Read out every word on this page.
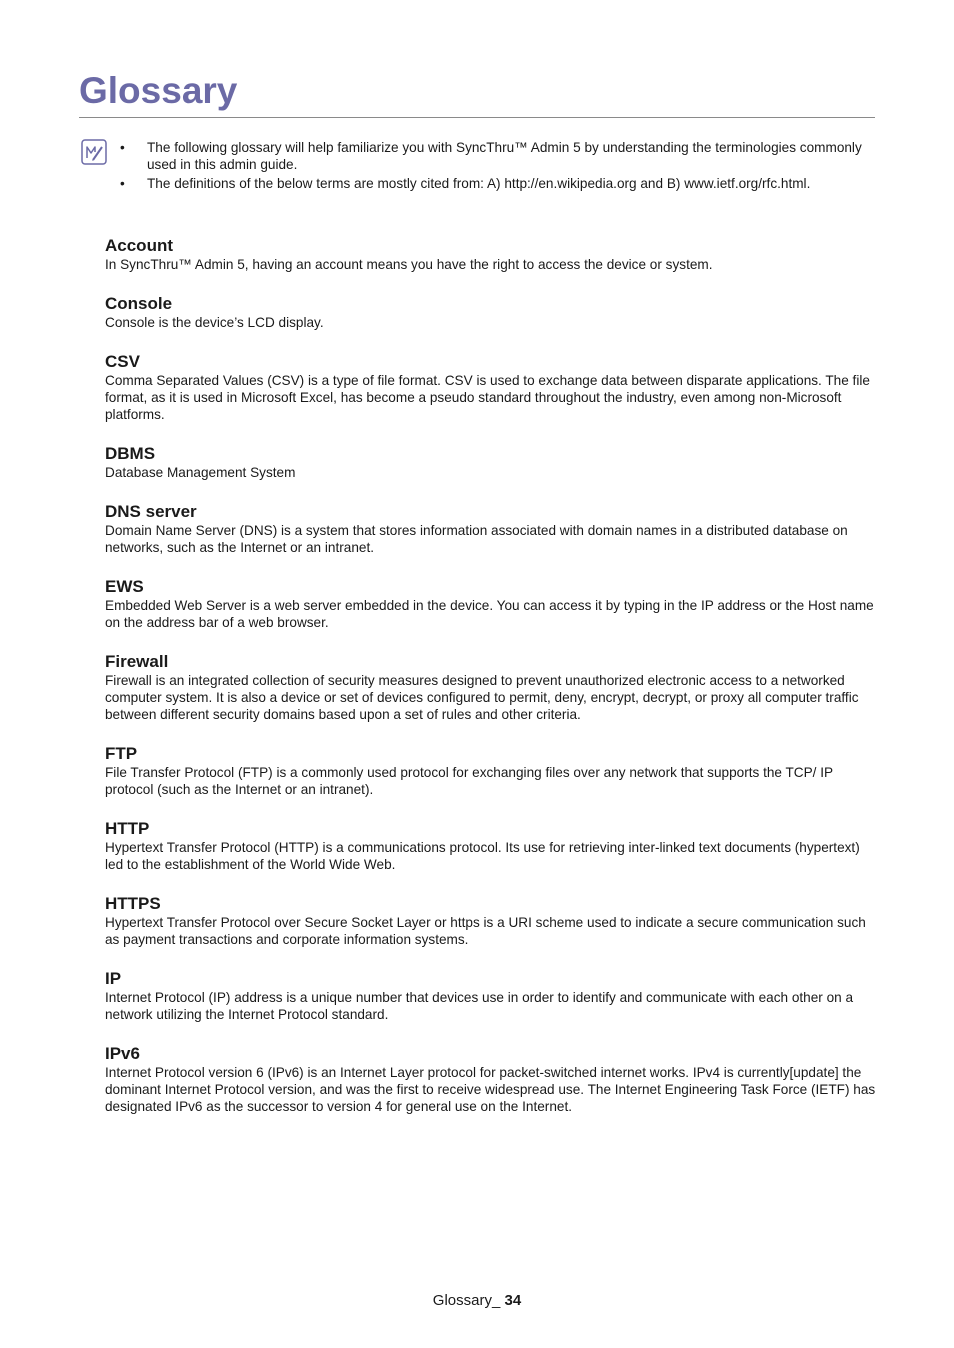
Glossary
• The following glossary will help familiarize you with SyncThru™ Admin 5 by understanding the terminologies commonly used in this admin guide.
• The definitions of the below terms are mostly cited from: A) http://en.wikipedia.org and B) www.ietf.org/rfc.html.
Account

In SyncThru™ Admin 5, having an account means you have the right to access the device or system.

Console

Console is the device’s LCD display.

CSV

Comma Separated Values (CSV) is a type of file format. CSV is used to exchange data between disparate applications. The file format, as it is used in Microsoft Excel, has become a pseudo standard throughout the industry, even among non-Microsoft platforms.

DBMS

Database Management System

DNS server

Domain Name Server (DNS) is a system that stores information associated with domain names in a distributed database on networks, such as the Internet or an intranet.

EWS

Embedded Web Server is a web server embedded in the device. You can access it by typing in the IP address or the Host name on the address bar of a web browser.

Firewall

Firewall is an integrated collection of security measures designed to prevent unauthorized electronic access to a networked computer system. It is also a device or set of devices configured to permit, deny, encrypt, decrypt, or proxy all computer traffic between different security domains based upon a set of rules and other criteria.

FTP

File Transfer Protocol (FTP) is a commonly used protocol for exchanging files over any network that supports the TCP/ IP protocol (such as the Internet or an intranet).

HTTP

Hypertext Transfer Protocol (HTTP) is a communications protocol. Its use for retrieving inter-linked text documents (hypertext) led to the establishment of the World Wide Web.

HTTPS

Hypertext Transfer Protocol over Secure Socket Layer or https is a URI scheme used to indicate a secure communication such as payment transactions and corporate information systems.

IP

Internet Protocol (IP) address is a unique number that devices use in order to identify and communicate with each other on a network utilizing the Internet Protocol standard.

IPv6

Internet Protocol version 6 (IPv6) is an Internet Layer protocol for packet-switched internet works. IPv4 is currently[update] the dominant Internet Protocol version, and was the first to receive widespread use. The Internet Engineering Task Force (IETF) has designated IPv6 as the successor to version 4 for general use on the Internet.

Glossary_ 34
